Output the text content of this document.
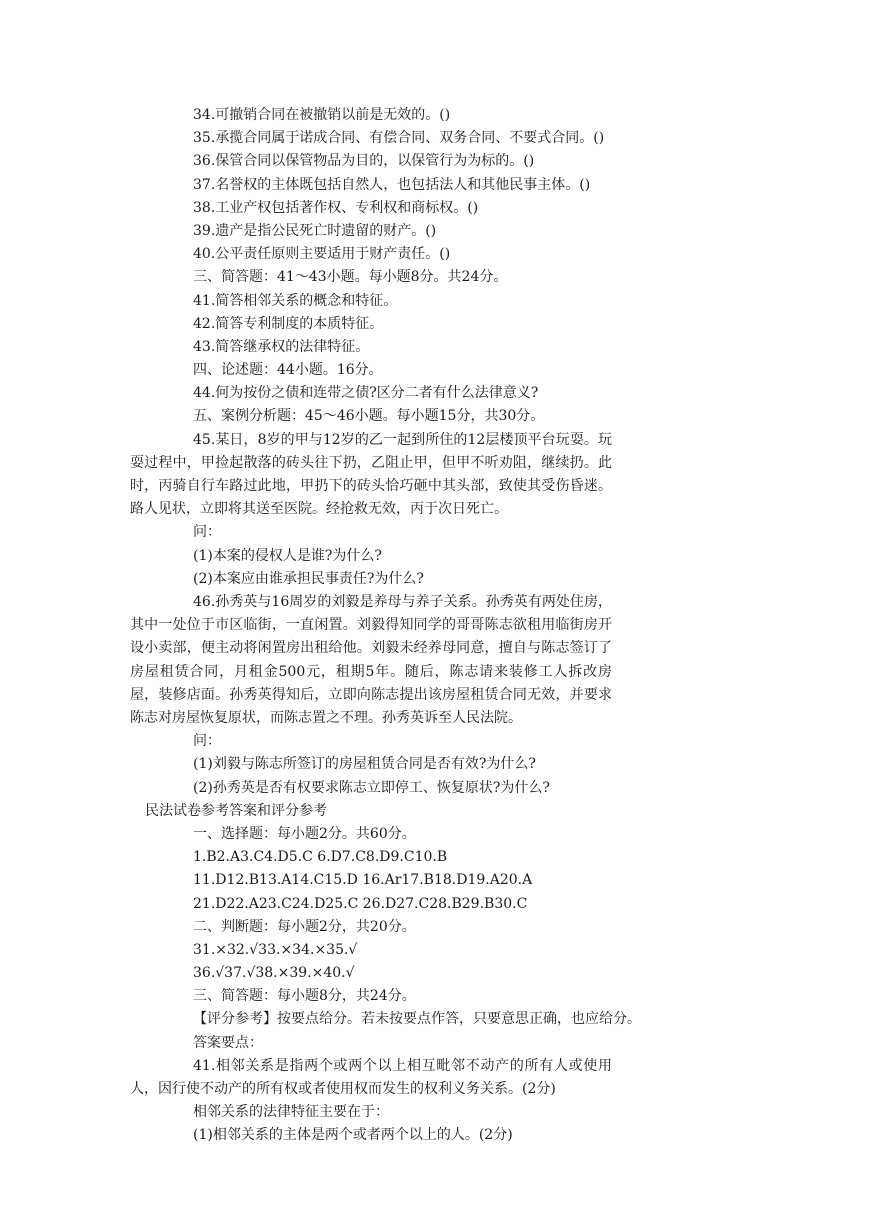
34.可撤销合同在被撤销以前是无效的。()
35.承揽合同属于诺成合同、有偿合同、双务合同、不要式合同。()
36.保管合同以保管物品为目的，以保管行为为标的。()
37.名誉权的主体既包括自然人，也包括法人和其他民事主体。()
38.工业产权包括著作权、专利权和商标权。()
39.遗产是指公民死亡时遗留的财产。()
40.公平责任原则主要适用于财产责任。()
三、简答题：41～43小题。每小题8分。共24分。
41.简答相邻关系的概念和特征。
42.简答专利制度的本质特征。
43.简答继承权的法律特征。
四、论述题：44小题。16分。
44.何为按份之债和连带之债?区分二者有什么法律意义?
五、案例分析题：45～46小题。每小题15分，共30分。

45.某日，8岁的甲与12岁的乙一起到所住的12层楼顶平台玩耍。玩耍过程中，甲捡起散落的砖头往下扔，乙阻止甲，但甲不听劝阻，继续扔。此时，丙骑自行车路过此地，甲扔下的砖头恰巧砸中其头部，致使其受伤昏迷。路人见状，立即将其送至医院。经抢救无效，丙于次日死亡。

问：
(1)本案的侵权人是谁?为什么?
(2)本案应由谁承担民事责任?为什么?

46.孙秀英与16周岁的刘毅是养母与养子关系。孙秀英有两处住房，其中一处位于市区临街，一直闲置。刘毅得知同学的哥哥陈志欲租用临街房开设小卖部，便主动将闲置房出租给他。刘毅未经养母同意，擅自与陈志签订了房屋租赁合同，月租金500元，租期5年。随后，陈志请来装修工人拆改房屋，装修店面。孙秀英得知后，立即向陈志提出该房屋租赁合同无效，并要求陈志对房屋恢复原状，而陈志置之不理。孙秀英诉至人民法院。

问：
(1)刘毅与陈志所签订的房屋租赁合同是否有效?为什么?
(2)孙秀英是否有权要求陈志立即停工、恢复原状?为什么?
民法试卷参考答案和评分参考
一、选择题：每小题2分。共60分。
1.B2.A3.C4.D5.C 6.D7.C8.D9.C10.B
11.D12.B13.A14.C15.D 16.Ar17.B18.D19.A20.A
21.D22.A23.C24.D25.C 26.D27.C28.B29.B30.C
二、判断题：每小题2分，共20分。
31.×32.√33.×34.×35.√
36.√37.√38.×39.×40.√
三、简答题：每小题8分，共24分。
【评分参考】按要点给分。若未按要点作答，只要意思正确，也应给分。
答案要点：

41.相邻关系是指两个或两个以上相互毗邻不动产的所有人或使用人，因行使不动产的所有权或者使用权而发生的权利义务关系。(2分)

相邻关系的法律特征主要在于：
(1)相邻关系的主体是两个或者两个以上的人。(2分)
